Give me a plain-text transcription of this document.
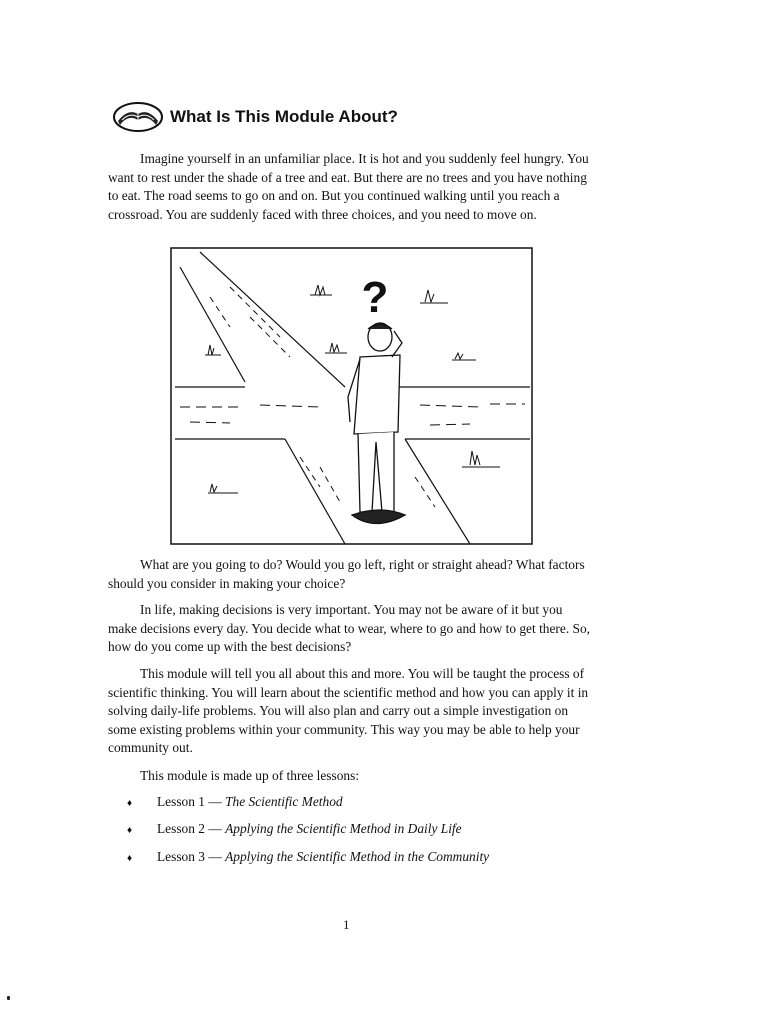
What Is This Module About?

Imagine yourself in an unfamiliar place. It is hot and you suddenly feel hungry. You want to rest under the shade of a tree and eat. But there are no trees and you have nothing to eat. The road seems to go on and on. But you continued walking until you reach a crossroad. You are suddenly faced with three choices, and you need to move on.

?

What are you going to do? Would you go left, right or straight ahead? What factors should you consider in making your choice?

In life, making decisions is very important. You may not be aware of it but you make decisions every day. You decide what to wear, where to go and how to get there. So, how do you come up with the best decisions?

This module will tell you all about this and more. You will be taught the process of scientific thinking. You will learn about the scientific method and how you can apply it in solving daily-life problems. You will also plan and carry out a simple investigation on some existing problems within your community. This way you may be able to help your community out.

This module is made up of three lessons:

♦	Lesson 1 —
The Scientific Method
♦	Lesson 2 —
Applying the Scientific Method in Daily Life
♦	Lesson 3 —
Applying the Scientific Method in the Community
1
